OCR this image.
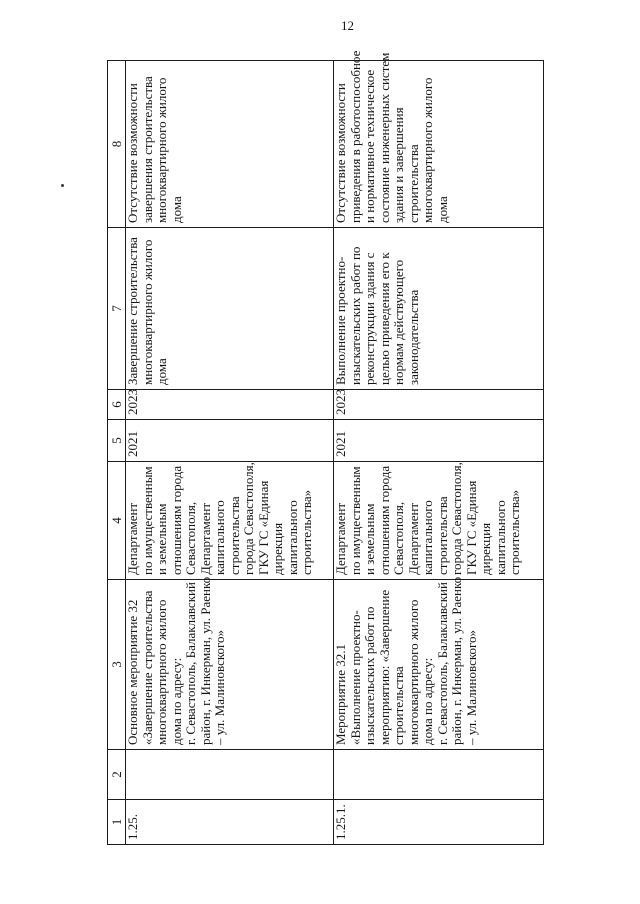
12
1
2
3
4
5
6
7
8
1.25.
Основное мероприятие 32
«Завершение строительства
многоквартирного жилого
дома по адресу:
г. Севастополь, Балаклавский
район, г. Инкерман, ул. Раенко
– ул. Малиновского»
Департамент
по имущественным
и земельным
отношениям города
Севастополя,
Департамент
капитального
строительства
города Севастополя,
ГКУ ГС «Единая
дирекция
капитального
строительства»
2021
2023
Завершение строительства
многоквартирного жилого
дома
Отсутствие возможности
завершения строительства
многоквартирного жилого
дома
1.25.1.
Мероприятие 32.1
«Выполнение проектно-
изыскательских работ по
мероприятию: «Завершение
строительства
многоквартирного жилого
дома по адресу:
г. Севастополь, Балаклавский
район, г. Инкерман, ул. Раенко
– ул. Малиновского»
Департамент
по имущественным
и земельным
отношениям города
Севастополя,
Департамент
капитального
строительства
города Севастополя,
ГКУ ГС «Единая
дирекция
капитального
строительства»
2021
2023
Выполнение проектно-
изыскательских работ по
реконструкции здания с
целью приведения его к
нормам действующего
законодательства
Отсутствие возможности
приведения в работоспособное
и нормативное техническое
состояние инженерных систем
здания и завершения
строительства
многоквартирного жилого
дома
